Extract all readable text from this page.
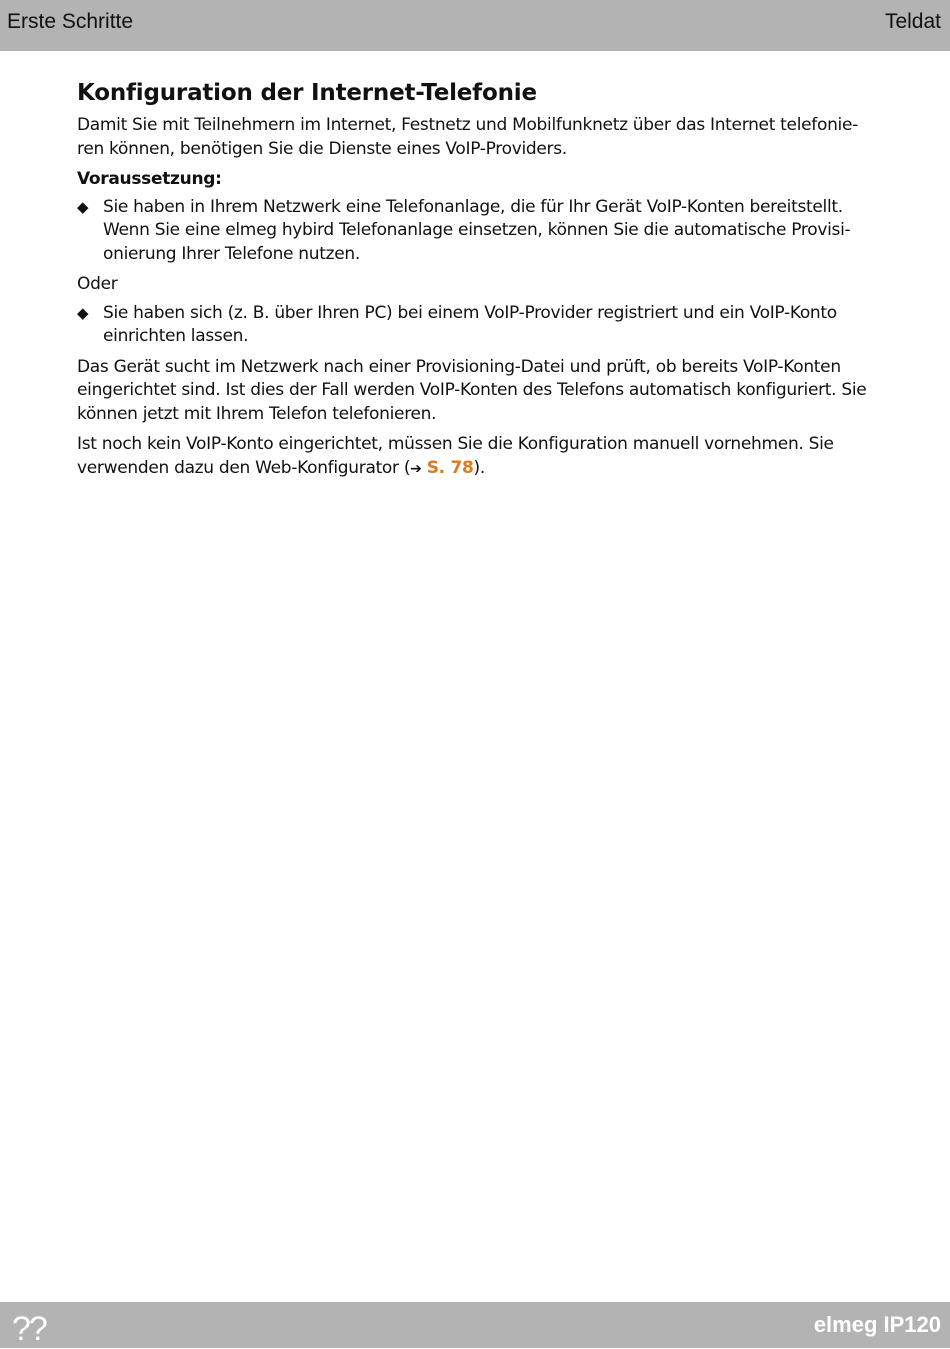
Erste Schritte	Teldat
Konfiguration der Internet-Telefonie

Damit Sie mit Teilnehmern im Internet, Festnetz und Mobilfunknetz über das Internet telefonie-ren können, benötigen Sie die Dienste eines VoIP-Providers.

Voraussetzung:

◆ Sie haben in Ihrem Netzwerk eine Telefonanlage, die für Ihr Gerät VoIP-Konten bereitstellt. Wenn Sie eine elmeg hybird Telefonanlage einsetzen, können Sie die automatische Provisi-onierung Ihrer Telefone nutzen.

Oder

◆ Sie haben sich (z. B. über Ihren PC) bei einem VoIP-Provider registriert und ein VoIP-Konto einrichten lassen.

Das Gerät sucht im Netzwerk nach einer Provisioning-Datei und prüft, ob bereits VoIP-Konten eingerichtet sind. Ist dies der Fall werden VoIP-Konten des Telefons automatisch konfiguriert. Sie können jetzt mit Ihrem Telefon telefonieren.

Ist noch kein VoIP-Konto eingerichtet, müssen Sie die Konfiguration manuell vornehmen. Sie verwenden dazu den Web-Konfigurator (➔ S. 78).

??	elmeg IP120
